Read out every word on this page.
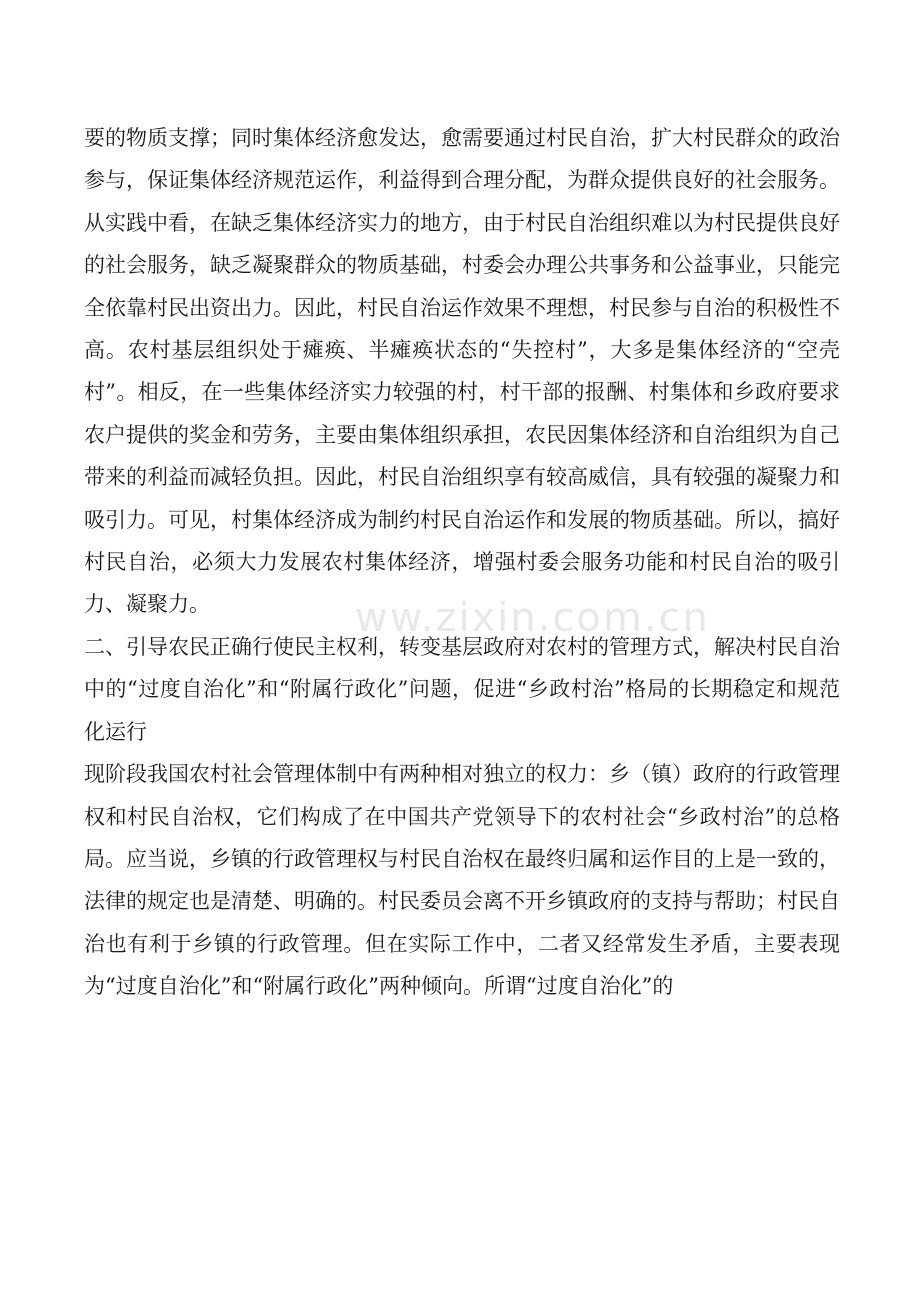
要的物质支撑；同时集体经济愈发达，愈需要通过村民自治，扩大村民群众的政治参与，保证集体经济规范运作，利益得到合理分配，为群众提供良好的社会服务。

从实践中看，在缺乏集体经济实力的地方，由于村民自治组织难以为村民提供良好的社会服务，缺乏凝聚群众的物质基础，村委会办理公共事务和公益事业，只能完全依靠村民出资出力。因此，村民自治运作效果不理想，村民参与自治的积极性不高。农村基层组织处于瘫痪、半瘫痪状态的“失控村”，大多是集体经济的“空壳村”。相反，在一些集体经济实力较强的村，村干部的报酬、村集体和乡政府要求农户提供的奖金和劳务，主要由集体组织承担，农民因集体经济和自治组织为自己带来的利益而减轻负担。因此，村民自治组织享有较高威信，具有较强的凝聚力和吸引力。可见，村集体经济成为制约村民自治运作和发展的物质基础。所以，搞好村民自治，必须大力发展农村集体经济，增强村委会服务功能和村民自治的吸引力、凝聚力。

二、引导农民正确行使民主权利，转变基层政府对农村的管理方式，解决村民自治中的“过度自治化”和“附属行政化”问题，促进“乡政村治”格局的长期稳定和规范化运行

现阶段我国农村社会管理体制中有两种相对独立的权力：乡（镇）政府的行政管理权和村民自治权，它们构成了在中国共产党领导下的农村社会“乡政村治”的总格局。应当说，乡镇的行政管理权与村民自治权在最终归属和运作目的上是一致的，法律的规定也是清楚、明确的。村民委员会离不开乡镇政府的支持与帮助；村民自治也有利于乡镇的行政管理。但在实际工作中，二者又经常发生矛盾，主要表现为“过度自治化”和“附属行政化”两种倾向。所谓“过度自治化”的

ww.zixin.com.cn
